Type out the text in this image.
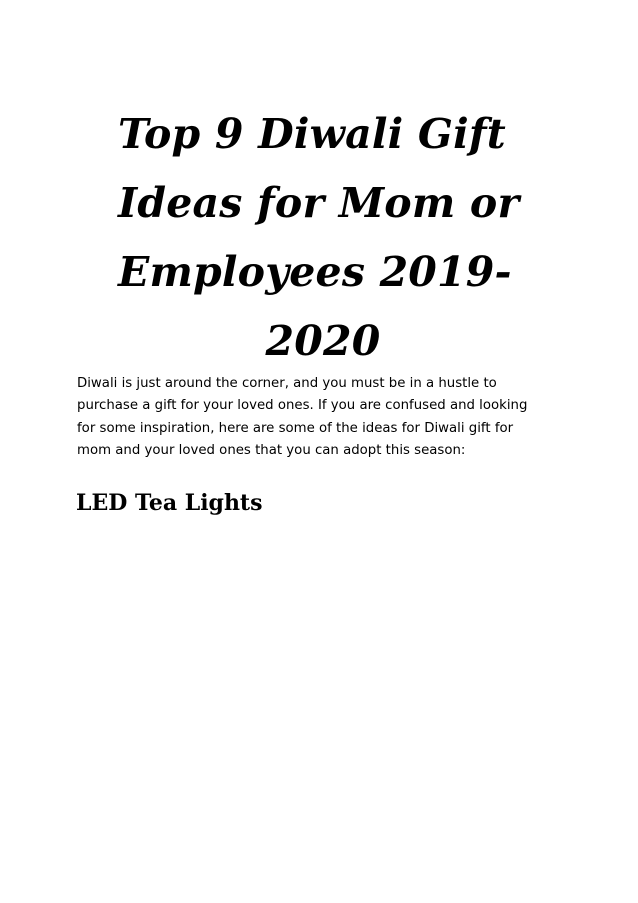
Top 9 Diwali Gift
Ideas for Mom or
Employees 2019-
2020

Diwali is just around the corner, and you must be in a hustle to
purchase a gift for your loved ones. If you are confused and looking
for some inspiration, here are some of the ideas for Diwali gift for
mom and your loved ones that you can adopt this season:

LED Tea Lights
